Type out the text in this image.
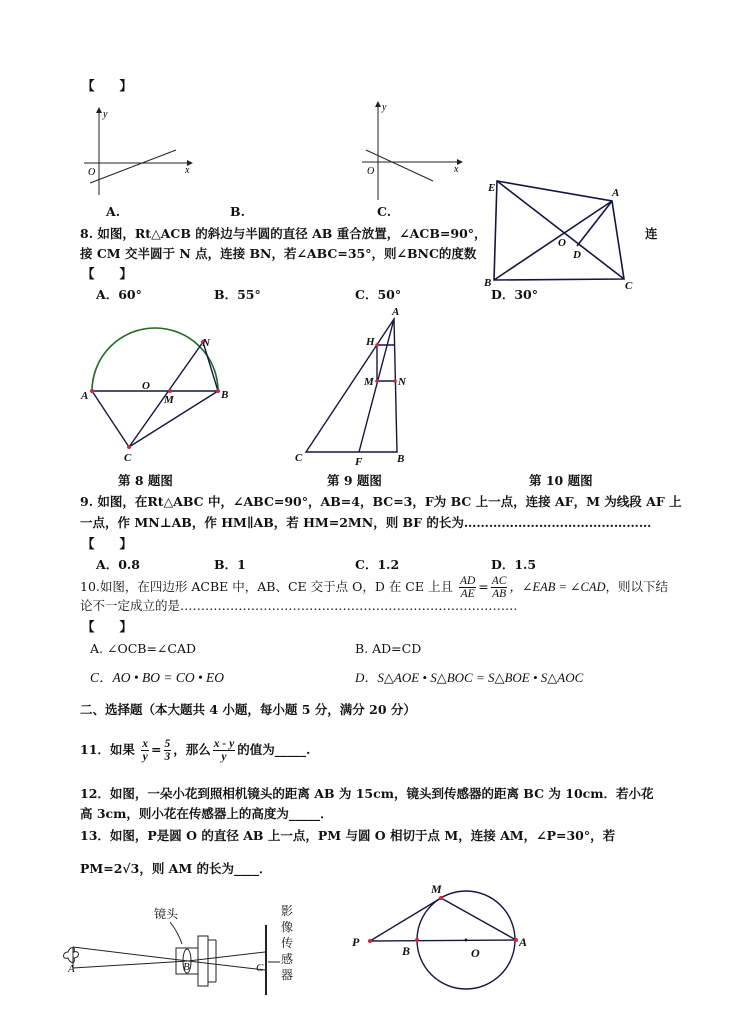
【　　】
y
x
O
y
x
O
E	A
O
D
B	C
N
O
M
A	B
C
A
H
M N
C	F	B
镜头
A	B	C
影
像
传
感
器
M
P
B	O
A
A.	B.	C.
8. 如图，Rt△ACB 的斜边与半圆的直径 AB 重合放置，∠ACB=90°，	连
接 CM 交半圆于 N 点，连接 BN，若∠ABC=35°，则∠BNC的度数
【　　】
A．60°	B．55°	C．50°	D．30°
第 8 题图	第 9 题图	第 10 题图
9. 如图，在Rt△ABC 中，∠ABC=90°，AB=4，BC=3，F为 BC 上一点，连接 AF，M 为线段 AF 上
一点，作 MN⊥AB，作 HM∥AB，若 HM=2MN，则 BF 的长为………………………………………
【　　】
A．0.8	B．1	C．1.2	D．1.5
10.如图，在四边形 ACBE 中，AB、CE 交于点 O，D 在 CE 上且 $\frac{AD}{AE} = \frac{AC}{AB}$ ，∠EAB = ∠CAD，则以下结
论不一定成立的是………………………………………………………………………
【　　】
A. ∠OCB=∠CAD	B. AD=CD
C．AO • BO = CO • EO	D．S△AOE • S△BOC = S△BOE • S△AOC
二、选择题（本大题共 4 小题，每小题 5 分，满分 20 分）
11．如果 $\frac{x}{y} = \frac{5}{3}$ ，那么 $\frac{x - y}{y}$ 的值为_____.
12．如图，一朵小花到照相机镜头的距离 AB 为 15cm，镜头到传感器的距离 BC 为 10cm．若小花
高 3cm，则小花在传感器上的高度为_____．
13．如图，P是圆 O 的直径 AB 上一点，PM 与圆 O 相切于点 M，连接 AM，∠P=30°，若
PM=2√3，则 AM 的长为____．
